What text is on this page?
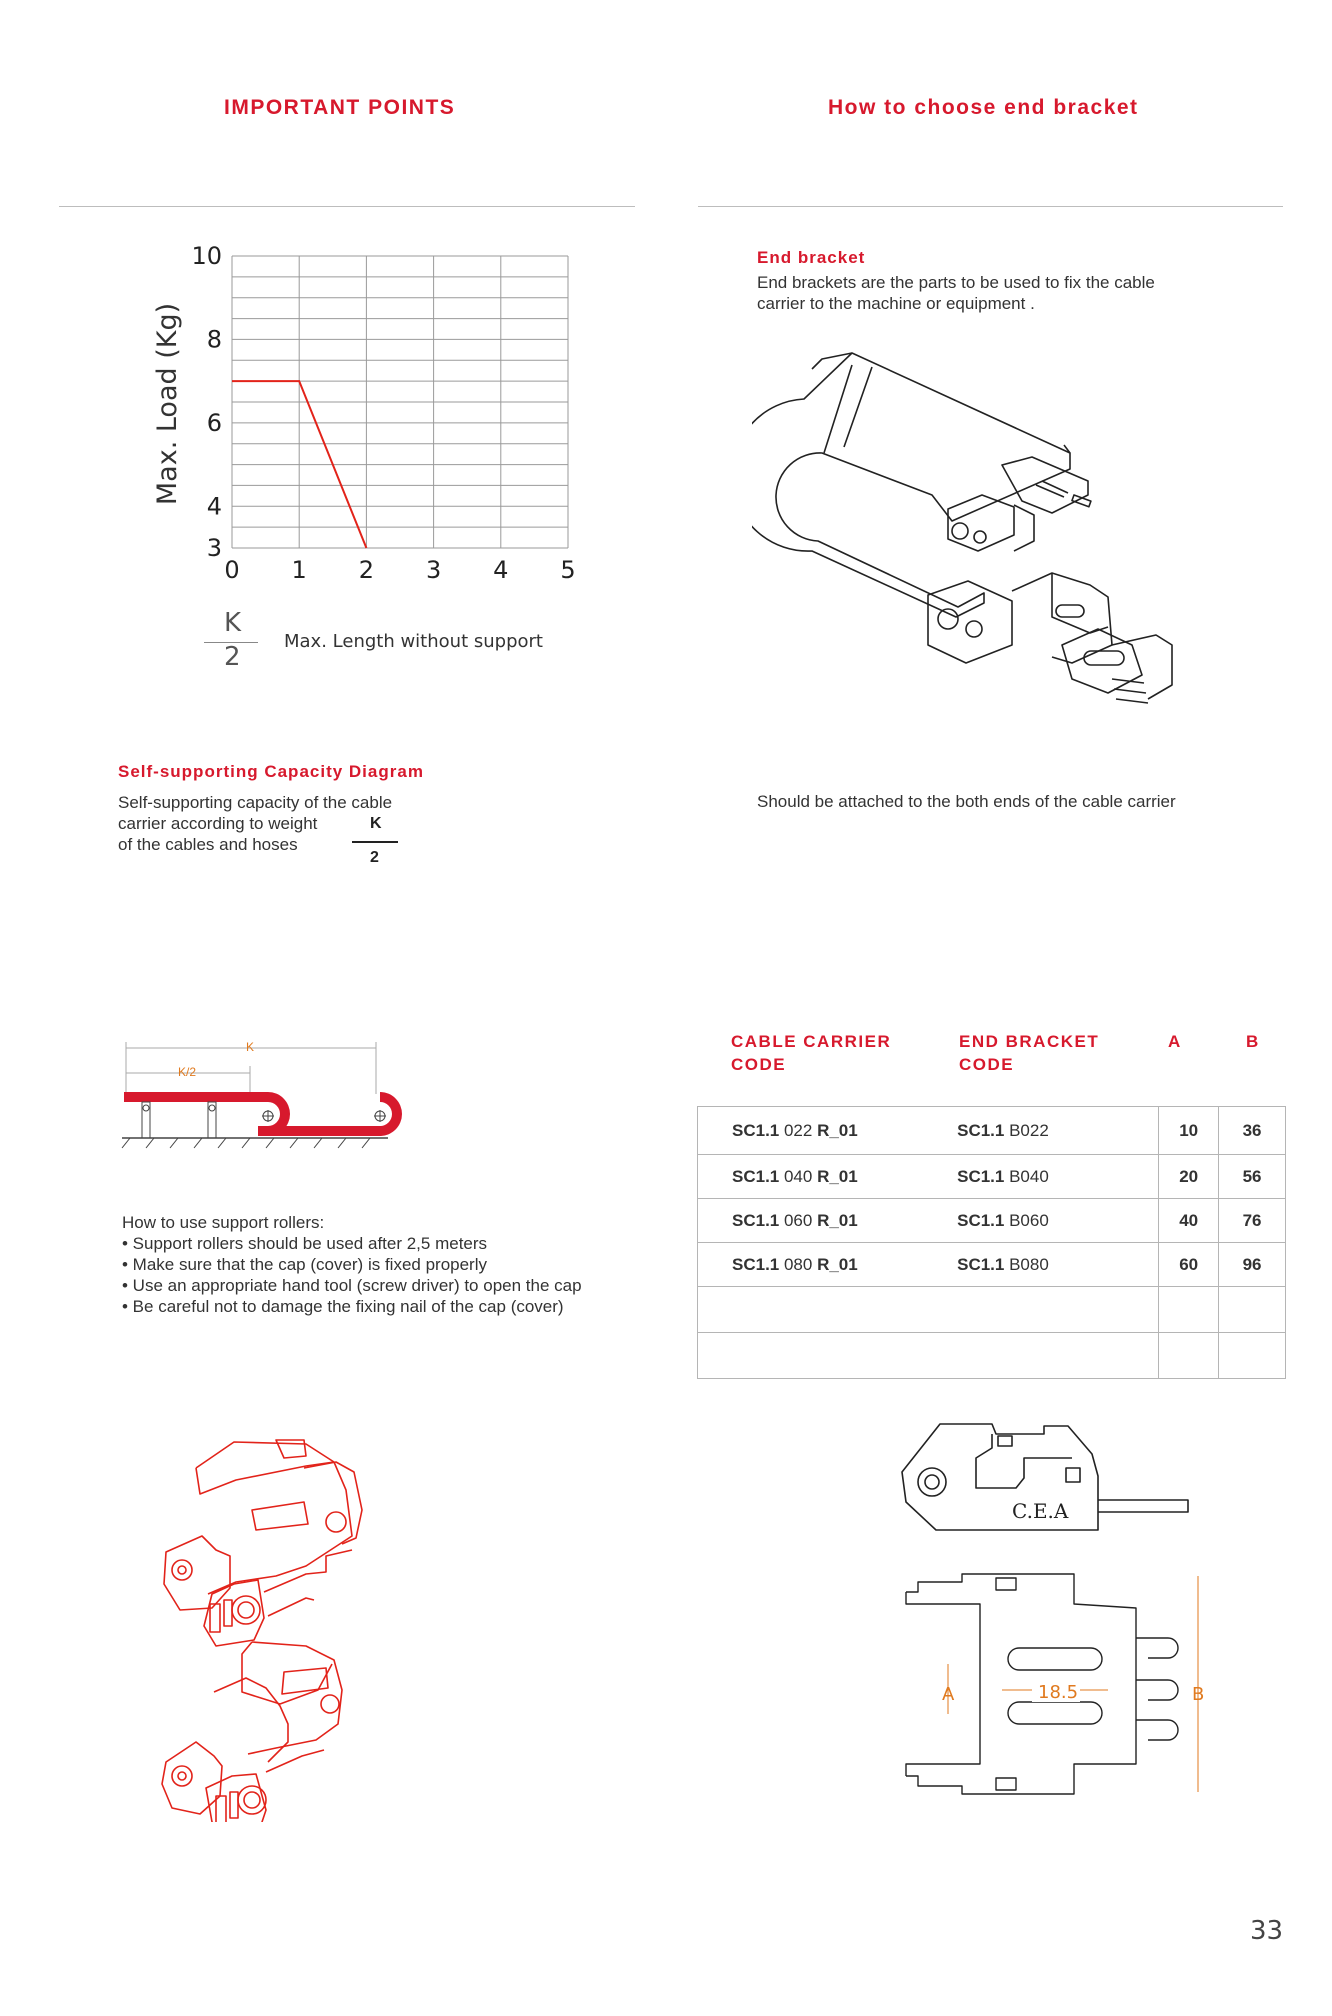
IMPORTANT POINTS	How to choose end bracket
0 1 2 3 4 5
10
8
6
4
3
Max. Load (Kg)
K
2
Max. Length without support
Self-supporting Capacity Diagram
Self-supporting capacity of the cable
carrier according to weight
of the cables and hoses
K
2
K
K/2
How to use support rollers:
• Support rollers should be used after 2,5 meters
• Make sure that the cap (cover) is fixed properly
• Use an appropriate hand tool (screw driver) to open the cap
• Be careful not to damage the fixing nail of the cap (cover)
End bracket
End brackets are the parts to be used to fix the cable
carrier to the machine or equipment .
Should be attached to the both ends of the cable carrier
CABLE CARRIER
CODE
END BRACKET
CODE
A	B
SC1.1 022 R_01	SC1.1 B022	10	36
SC1.1 040 R_01	SC1.1 B040	20	56
SC1.1 060 R_01	SC1.1 B060	40	76
SC1.1 080 R_01	SC1.1 B080	60	96

C.E.A
A	B
18.5
33
